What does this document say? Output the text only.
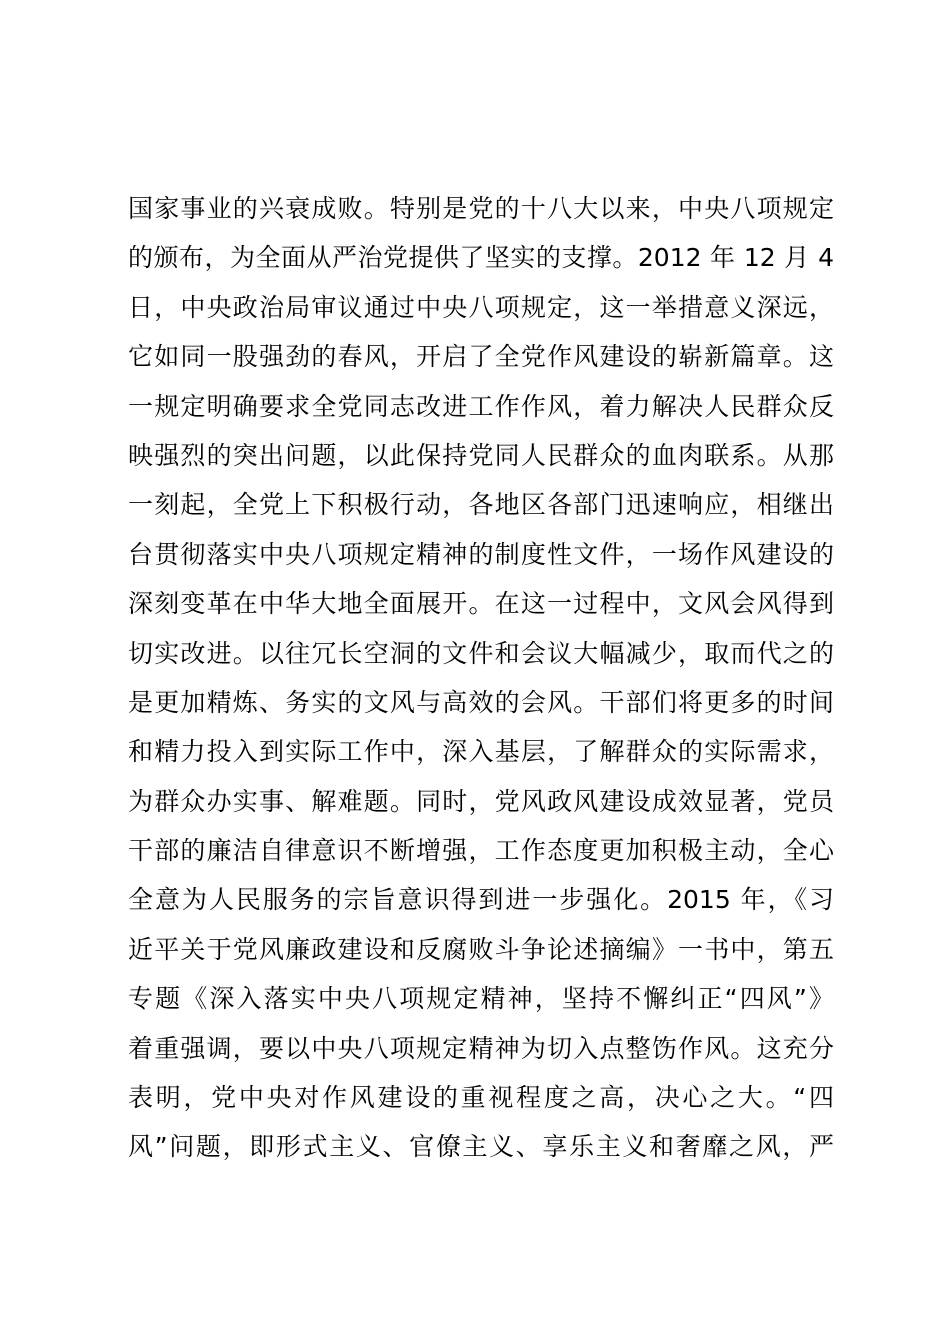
国家事业的兴衰成败。特别是党的十八大以来，中央八项规定
的颁布，为全面从严治党提供了坚实的支撑。2012 年 12 月 4
日，中央政治局审议通过中央八项规定，这一举措意义深远，
它如同一股强劲的春风，开启了全党作风建设的崭新篇章。这
一规定明确要求全党同志改进工作作风，着力解决人民群众反
映强烈的突出问题，以此保持党同人民群众的血肉联系。从那
一刻起，全党上下积极行动，各地区各部门迅速响应，相继出
台贯彻落实中央八项规定精神的制度性文件，一场作风建设的
深刻变革在中华大地全面展开。在这一过程中，文风会风得到
切实改进。以往冗长空洞的文件和会议大幅减少，取而代之的
是更加精炼、务实的文风与高效的会风。干部们将更多的时间
和精力投入到实际工作中，深入基层，了解群众的实际需求，
为群众办实事、解难题。同时，党风政风建设成效显著，党员
干部的廉洁自律意识不断增强，工作态度更加积极主动，全心
全意为人民服务的宗旨意识得到进一步强化。2015 年，《习
近平关于党风廉政建设和反腐败斗争论述摘编》一书中，第五
专题《深入落实中央八项规定精神，坚持不懈纠正“四风”》
着重强调，要以中央八项规定精神为切入点整饬作风。这充分
表明，党中央对作风建设的重视程度之高，决心之大。“四
风”问题，即形式主义、官僚主义、享乐主义和奢靡之风，严
